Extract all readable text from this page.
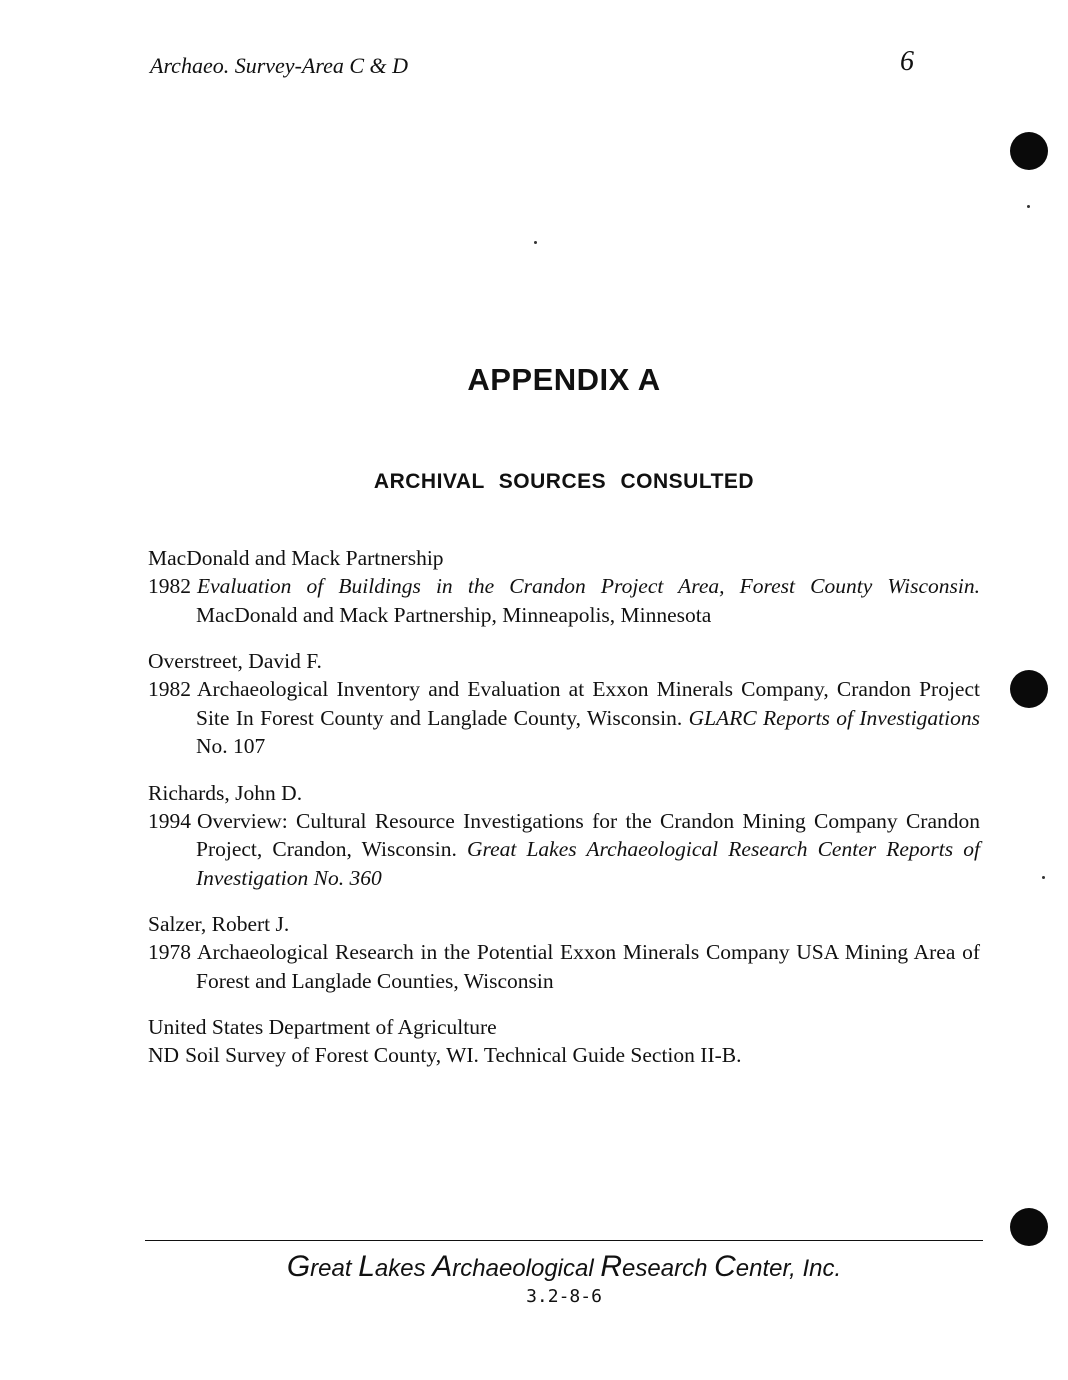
Archaeo. Survey-Area C & D	6
APPENDIX A
ARCHIVAL SOURCES CONSULTED
MacDonald and Mack Partnership
1982 Evaluation of Buildings in the Crandon Project Area, Forest County Wisconsin. MacDonald and Mack Partnership, Minneapolis, Minnesota
Overstreet, David F.
1982 Archaeological Inventory and Evaluation at Exxon Minerals Company, Crandon Project Site In Forest County and Langlade County, Wisconsin. GLARC Reports of Investigations No. 107
Richards, John D.
1994 Overview: Cultural Resource Investigations for the Crandon Mining Company Crandon Project, Crandon, Wisconsin. Great Lakes Archaeological Research Center Reports of Investigation No. 360
Salzer, Robert J.
1978 Archaeological Research in the Potential Exxon Minerals Company USA Mining Area of Forest and Langlade Counties, Wisconsin
United States Department of Agriculture
ND Soil Survey of Forest County, WI. Technical Guide Section II-B.
Great Lakes Archaeological Research Center, Inc.
3.2-8-6
